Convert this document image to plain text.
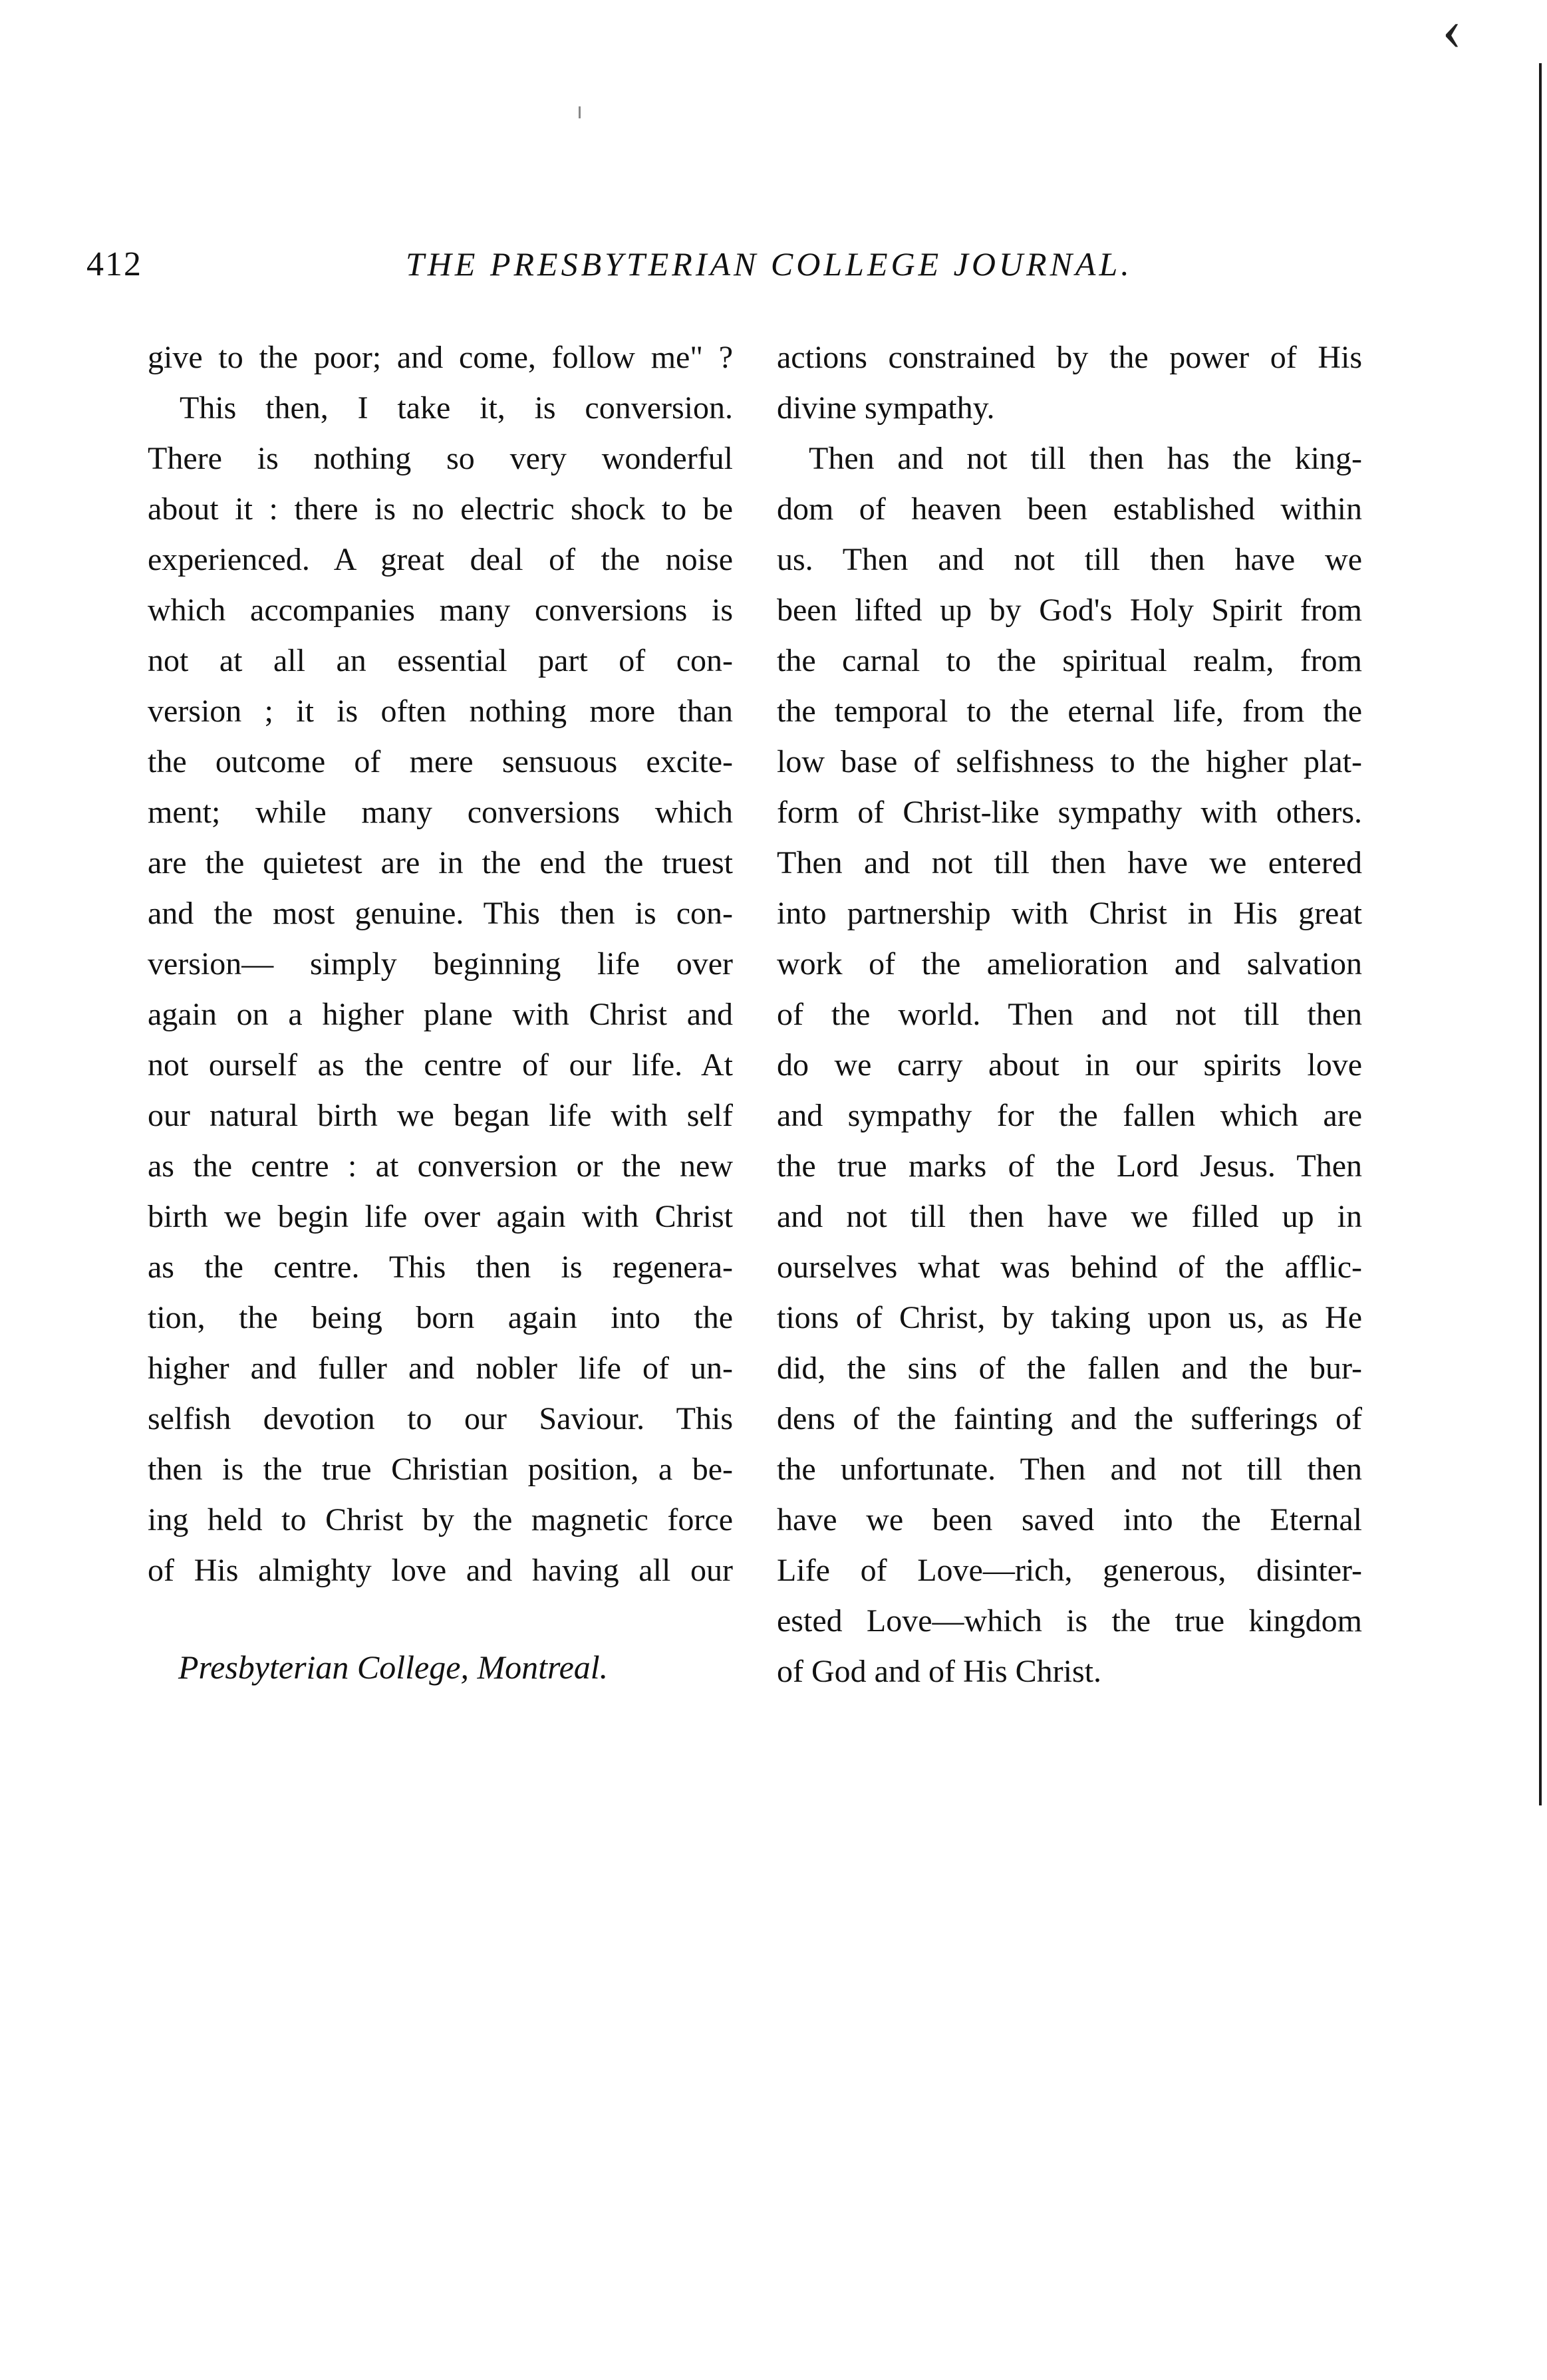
‹
412	THE PRESBYTERIAN COLLEGE JOURNAL.
give to the poor; and come, follow me" ?
This then, I take it, is conversion.
There is nothing so very wonderful
about it : there is no electric shock to be
experienced. A great deal of the noise
which accompanies many conversions is
not at all an essential part of con-
version ; it is often nothing more than
the outcome of mere sensuous excite-
ment; while many conversions which
are the quietest are in the end the truest
and the most genuine. This then is con-
version— simply beginning life over
again on a higher plane with Christ and
not ourself as the centre of our life. At
our natural birth we began life with self
as the centre : at conversion or the new
birth we begin life over again with Christ
as the centre. This then is regenera-
tion, the being born again into the
higher and fuller and nobler life of un-
selfish devotion to our Saviour. This
then is the true Christian position, a be-
ing held to Christ by the magnetic force
of His almighty love and having all our
Presbyterian College, Montreal.
actions constrained by the power of His
divine sympathy.
Then and not till then has the king-
dom of heaven been established within
us. Then and not till then have we
been lifted up by God's Holy Spirit from
the carnal to the spiritual realm, from
the temporal to the eternal life, from the
low base of selfishness to the higher plat-
form of Christ-like sympathy with others.
Then and not till then have we entered
into partnership with Christ in His great
work of the amelioration and salvation
of the world. Then and not till then
do we carry about in our spirits love
and sympathy for the fallen which are
the true marks of the Lord Jesus. Then
and not till then have we filled up in
ourselves what was behind of the afflic-
tions of Christ, by taking upon us, as He
did, the sins of the fallen and the bur-
dens of the fainting and the sufferings of
the unfortunate. Then and not till then
have we been saved into the Eternal
Life of Love—rich, generous, disinter-
ested Love—which is the true kingdom
of God and of His Christ.
